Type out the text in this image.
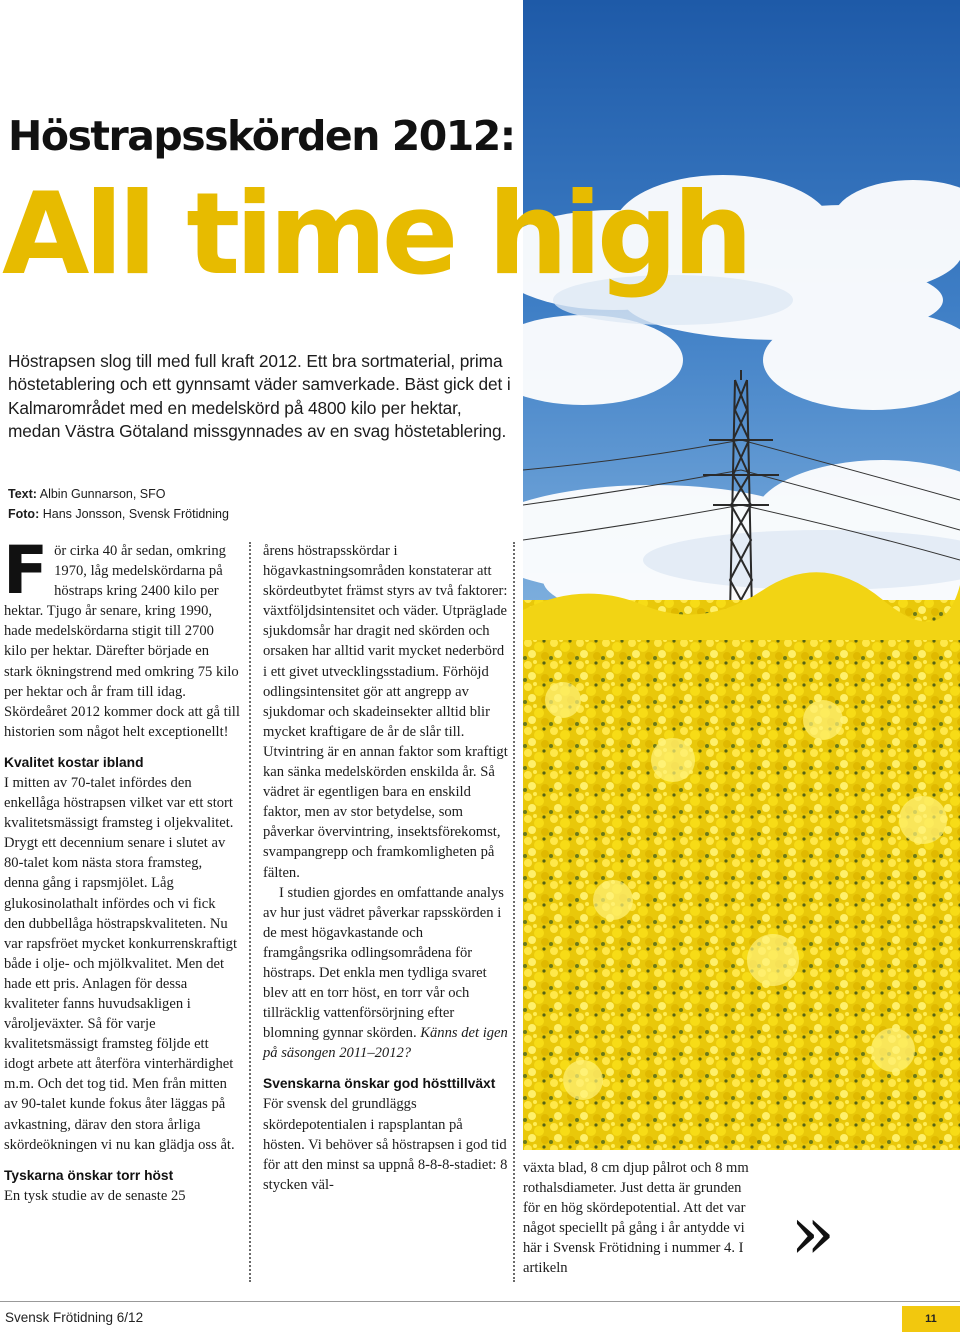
Höstrapsskörden 2012:
All time high

Höstrapsen slog till med full kraft 2012. Ett bra sortmaterial, prima höstetablering och ett gynnsamt väder samverkade. Bäst gick det i Kalmarområdet med en medelskörd på 4800 kilo per hektar, medan Västra Götaland missgynnades av en svag höstetablering.

Text: Albin Gunnarson, SFO
Foto: Hans Jonsson, Svensk Frötidning

För cirka 40 år sedan, omkring 1970, låg medelskördarna på höstraps kring 2400 kilo per hektar. Tjugo år senare, kring 1990, hade medelskördarna stigit till 2700 kilo per hektar. Därefter började en stark ökningstrend med omkring 75 kilo per hektar och år fram till idag. Skördeåret 2012 kommer dock att gå till historien som något helt exceptionellt!

Kvalitet kostar ibland

I mitten av 70-talet infördes den enkellåga höstrapsen vilket var ett stort kvalitetsmässigt framsteg i oljekvalitet. Drygt ett decennium senare i slutet av 80-talet kom nästa stora framsteg, denna gång i rapsmjölet. Låg glukosinolathalt infördes och vi fick den dubbellåga höstrapskvaliteten. Nu var rapsfröet mycket konkurrenskraftigt både i olje- och mjölkvalitet. Men det hade ett pris. Anlagen för dessa kvaliteter fanns huvudsakligen i vårоljeväxter. Så för varje kvalitetsmässigt framsteg följde ett idogt arbete att återföra vinterhärdighet m.m. Och det tog tid. Men från mitten av 90-talet kunde fokus åter läggas på avkastning, därav den stora årliga skördeökningen vi nu kan glädja oss åt.

Tyskarna önskar torr höst

En tysk studie av de senaste 25

årens höstrapsskördar i högavkastningsområden konstaterar att skördeutbytet främst styrs av två faktorer: växtföljdsintensitet och väder. Utpräglade sjukdomsår har dragit ned skörden och orsaken har alltid varit mycket nederbörd i ett givet utvecklingsstadium. Förhöjd odlingsintensitet gör att angrepp av sjukdomar och skadeinsekter alltid blir mycket kraftigare de år de slår till. Utvintring är en annan faktor som kraftigt kan sänka medelskörden enskilda år. Så vädret är egentligen bara en enskild faktor, men av stor betydelse, som påverkar övervintring, insektsförekomst, svampangrepp och framkomligheten på fälten.

I studien gjordes en omfattande analys av hur just vädret påverkar rapsskörden i de mest högavkastande och framgångsrika odlingsområdena för höstraps. Det enkla men tydliga svaret blev att en torr höst, en torr vår och tillräcklig vattenförsörjning efter blomning gynnar skörden. Känns det igen på säsongen 2011–2012?

Svenskarna önskar god hösttillväxt

För svensk del grundläggs skördepotentialen i rapsplantan på hösten. Vi behöver så höstrapsen i god tid för att den minst sa uppnå 8-8-8-stadiet: 8 stycken väl-

växta blad, 8 cm djup pålrot och 8 mm rothalsdiameter. Just detta är grunden för en hög skördepotential. Att det var något speciellt på gång i år antydde vi här i Svensk Frötidning i nummer 4. I artikeln	»
Svensk Frötidning 6/12	11
